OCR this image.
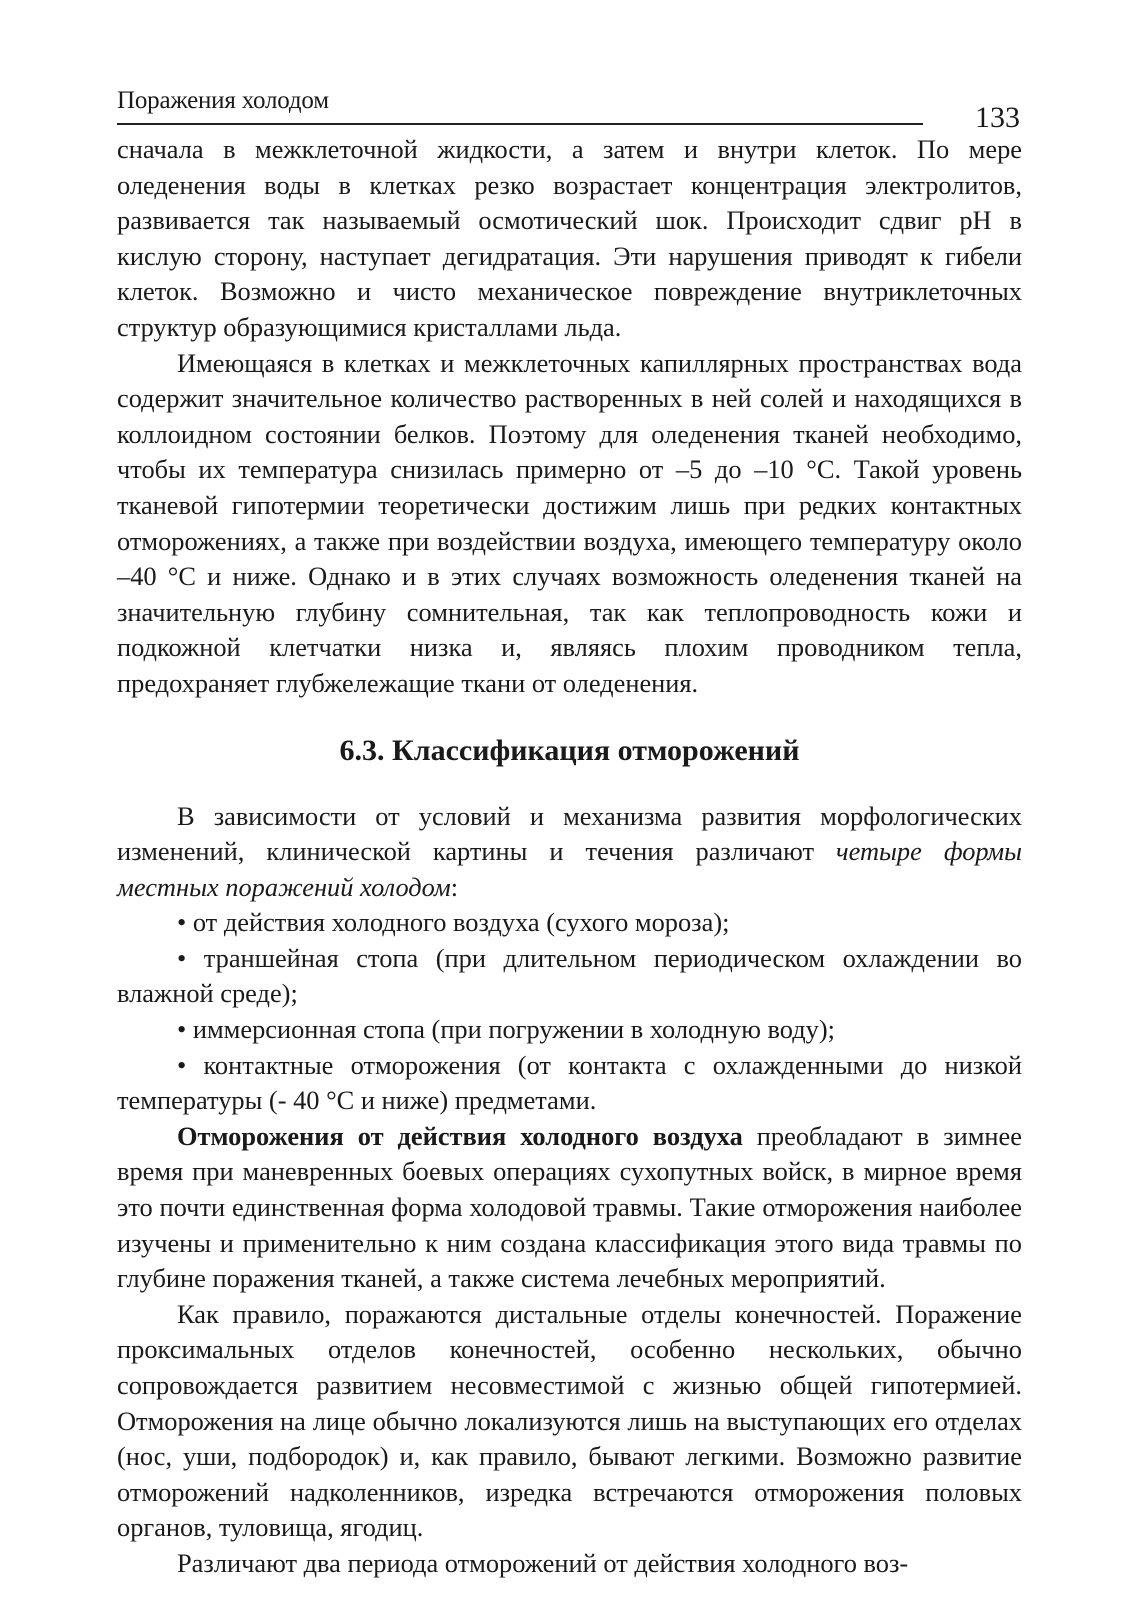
Поражения холодом
133

сначала в межклеточной жидкости, а затем и внутри клеток. По мере оледенения воды в клетках резко возрастает концентрация электролитов, развивается так называемый осмотический шок. Происходит сдвиг рН в кислую сторону, наступает дегидратация. Эти нарушения приводят к гибели клеток. Возможно и чисто механическое повреждение внутриклеточных структур образующимися кристаллами льда.

Имеющаяся в клетках и межклеточных капиллярных пространствах вода содержит значительное количество растворенных в ней солей и находящихся в коллоидном состоянии белков. Поэтому для оледенения тканей необходимо, чтобы их температура снизилась примерно от –5 до –10 °С. Такой уровень тканевой гипотермии теоретически достижим лишь при редких контактных отморожениях, а также при воздействии воздуха, имеющего температуру около –40 °С и ниже. Однако и в этих случаях возможность оледенения тканей на значительную глубину сомнительная, так как теплопроводность кожи и подкожной клетчатки низка и, являясь плохим проводником тепла, предохраняет глубжележащие ткани от оледенения.

6.3. Классификация отморожений

В зависимости от условий и механизма развития морфологических изменений, клинической картины и течения различают четыре формы местных поражений холодом:

• от действия холодного воздуха (сухого мороза);

• траншейная стопа (при длительном периодическом охлаждении во влажной среде);

• иммерсионная стопа (при погружении в холодную воду);

• контактные отморожения (от контакта с охлажденными до низкой температуры (- 40 °С и ниже) предметами.

Отморожения от действия холодного воздуха преобладают в зимнее время при маневренных боевых операциях сухопутных войск, в мирное время это почти единственная форма холодовой травмы. Такие отморожения наиболее изучены и применительно к ним создана классификация этого вида травмы по глубине поражения тканей, а также система лечебных мероприятий.

Как правило, поражаются дистальные отделы конечностей. Поражение проксимальных отделов конечностей, особенно нескольких, обычно сопровождается развитием несовместимой с жизнью общей гипотермией. Отморожения на лице обычно локализуются лишь на выступающих его отделах (нос, уши, подбородок) и, как правило, бывают легкими. Возможно развитие отморожений надколенников, изредка встречаются отморожения половых органов, туловища, ягодиц.

Различают два периода отморожений от действия холодного воз-
